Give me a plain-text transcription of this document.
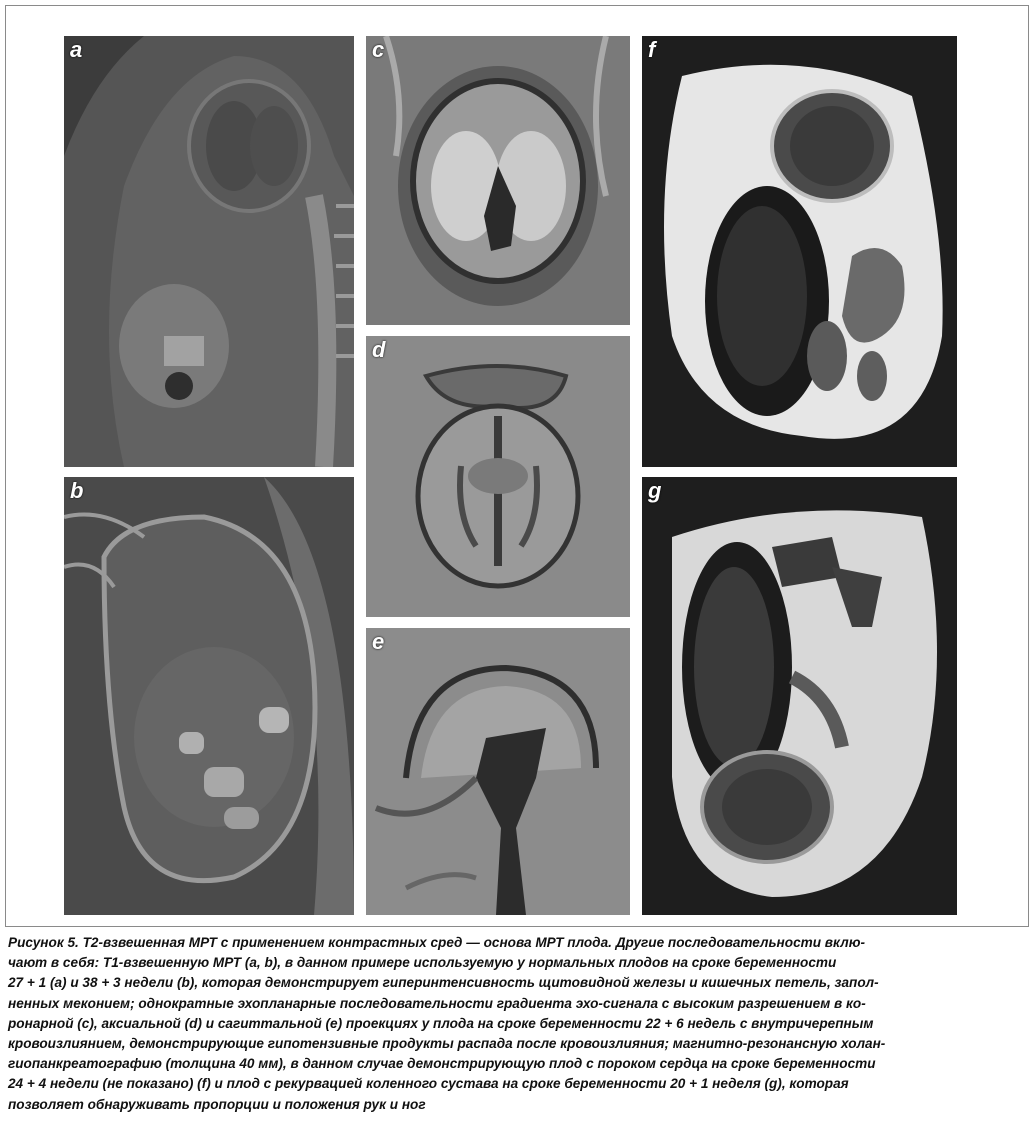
a
b
c
d
e
f
g
Рисунок 5. Т2-взвешенная МРТ с применением контрастных сред — основа МРТ плода. Другие последовательности вклю-
чают в себя: Т1-взвешенную МРТ (а, b), в данном примере используемую у нормальных плодов на сроке беременности
27 + 1 (а) и 38 + 3 недели (b), которая демонстрирует гиперинтенсивность щитовидной железы и кишечных петель, запол-
ненных меконием; однократные эхопланарные последовательности градиента эхо-сигнала с высоким разрешением в ко-
ронарной (с), аксиальной (d) и сагиттальной (е) проекциях у плода на сроке беременности 22 + 6 недель с внутричерепным
кровоизлиянием, демонстрирующие гипотензивные продукты распада после кровоизлияния; магнитно-резонансную холан-
гиопанкреатографию (толщина 40 мм), в данном случае демонстрирующую плод с пороком сердца на сроке беременности
24 + 4 недели (не показано) (f) и плод с рекурвацией коленного сустава на сроке беременности 20 + 1 неделя (g), которая
позволяет обнаруживать пропорции и положения рук и ног
